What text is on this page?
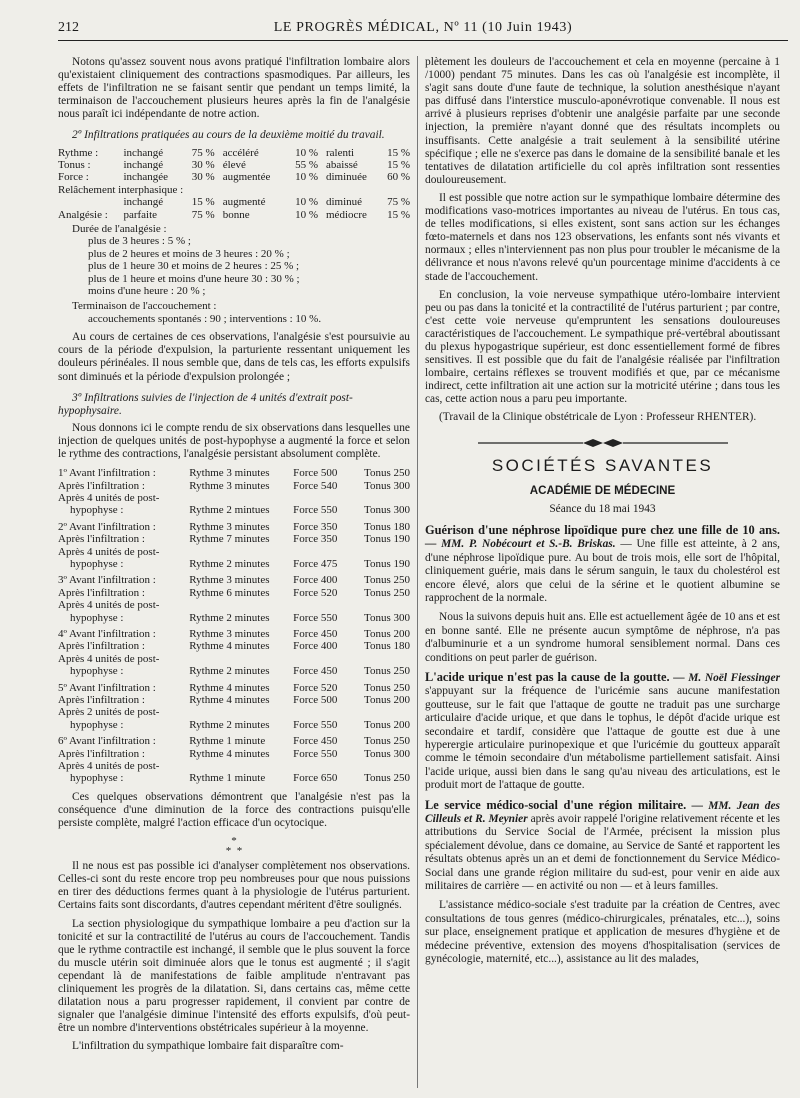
212	LE PROGRÈS MÉDICAL, Nº 11 (10 Juin 1943)

Notons qu'assez souvent nous avons pratiqué l'infiltration lombaire alors qu'existaient cliniquement des contractions spasmodiques. Par ailleurs, les effets de l'infiltration ne se faisant sentir que pendant un temps limité, la terminaison de l'accouchement plusieurs heures après la fin de l'analgésie nous paraît ici indépendante de notre action.

2º Infiltrations pratiquées au cours de la deuxième moitié du travail.
Rythme :	inchangé	75 %	accéléré	10 %	ralenti	15 %
Tonus :	inchangé	30 %	élevé	55 %	abaissé	15 %
Force :	inchangée	30 %	augmentée	10 %	diminuée	60 %
Relâchement interphasique :						
	inchangé	15 %	augmenté	10 %	diminué	75 %
Analgésie :	parfaite	75 %	bonne	10 %	médiocre	15 %
Durée de l'analgésie :
plus de 3 heures : 5 % ;
plus de 2 heures et moins de 3 heures : 20 % ;
plus de 1 heure 30 et moins de 2 heures : 25 % ;
plus de 1 heure et moins d'une heure 30 : 30 % ;
moins d'une heure : 20 % ;
Terminaison de l'accouchement :
accouchements spontanés : 90 ; interventions : 10 %.

Au cours de certaines de ces observations, l'analgésie s'est poursuivie au cours de la période d'expulsion, la parturiente ressentant uniquement les douleurs périnéales. Il nous semble que, dans de tels cas, les efforts expulsifs sont diminués et la période d'expulsion prolongée ;

3º Infiltrations suivies de l'injection de 4 unités d'extrait post-hypophysaire.

Nous donnons ici le compte rendu de six observations dans lesquelles une injection de quelques unités de post-hypophyse a augmenté la force et selon le rythme des contractions, l'analgésie persistant absolument complète.

1º Avant l'infiltration :	Rythme 3 minutes	Force 500	Tonus 250
Après l'infiltration :	Rythme 3 minutes	Force 540	Tonus 300
Après 4 unités de post-			
hypophyse :	Rythme 2 mintues	Force 550	Tonus 300
2º Avant l'infiltration :	Rythme 3 minutes	Force 350	Tonus 180
Après l'infiltration :	Rythme 7 minutes	Force 350	Tonus 190
Après 4 unités de post-			
hypophyse :	Rythme 2 minutes	Force 475	Tonus 190
3º Avant l'infiltration :	Rythme 3 minutes	Force 400	Tonus 250
Après l'infiltration :	Rythme 6 minutes	Force 520	Tonus 250
Après 4 unités de post-			
hypophyse :	Rythme 2 minutes	Force 550	Tonus 300
4º Avant l'infiltration :	Rythme 3 minutes	Force 450	Tonus 200
Après l'infiltration :	Rythme 4 minutes	Force 400	Tonus 180
Après 4 unités de post-			
hypophyse :	Rythme 2 minutes	Force 450	Tonus 250
5º Avant l'infiltration :	Rythme 4 minutes	Force 520	Tonus 250
Après l'infiltration :	Rythme 4 minutes	Force 500	Tonus 200
Après 2 unités de post-			
hypophyse :	Rythme 2 minutes	Force 550	Tonus 200
6º Avant l'infiltration :	Rythme 1 minute	Force 450	Tonus 250
Après l'infiltration :	Rythme 4 minutes	Force 550	Tonus 300
Après 4 unités de post-			
hypophyse :	Rythme 1 minute	Force 650	Tonus 250

Ces quelques observations démontrent que l'analgésie n'est pas la conséquence d'une diminution de la force des contractions puisqu'elle persiste complète, malgré l'action efficace d'un ocytocique.

*
*  *

Il ne nous est pas possible ici d'analyser complètement nos observations. Celles-ci sont du reste encore trop peu nombreuses pour que nous puissions en tirer des déductions fermes quant à la physiologie de l'utérus parturient. Certains faits sont discordants, d'autres cependant méritent d'être soulignés.

La section physiologique du sympathique lombaire a peu d'action sur la tonicité et sur la contractilité de l'utérus au cours de l'accouchement. Tandis que le rythme contractile est inchangé, il semble que le plus souvent la force du muscle utérin soit diminuée alors que le tonus est augmenté ; il s'agit cependant là de manifestations de faible amplitude n'entravant pas cliniquement les progrès de la dilatation. Si, dans certains cas, même cette dilatation nous a paru progresser rapidement, il convient par contre de signaler que l'analgésie diminue l'intensité des efforts expulsifs, d'où peut-être un nombre d'interventions obstétricales supérieur à la moyenne.

L'infiltration du sympathique lombaire fait disparaître com-

plètement les douleurs de l'accouchement et cela en moyenne (percaine à 1 /1000) pendant 75 minutes. Dans les cas où l'analgésie est incomplète, il s'agit sans doute d'une faute de technique, la solution anesthésique n'ayant pas diffusé dans l'interstice musculo-aponévrotique convenable. Il nous est arrivé à plusieurs reprises d'obtenir une analgésie parfaite par une seconde injection, la première n'ayant donné que des résultats incomplets ou insuffisants. Cette analgésie a trait seulement à la sensibilité utérine spécifique ; elle ne s'exerce pas dans le domaine de la sensibilité banale et les tentatives de dilatation artificielle du col après infiltration sont ressenties douloureusement.

Il est possible que notre action sur le sympathique lombaire détermine des modifications vaso-motrices importantes au niveau de l'utérus. En tous cas, de telles modifications, si elles existent, sont sans action sur les échanges fœto-maternels et dans nos 123 observations, les enfants sont nés vivants et normaux ; elles n'interviennent pas non plus pour troubler le mécanisme de la délivrance et nous n'avons relevé qu'un pourcentage minime d'accidents à ce stade de l'accouchement.

En conclusion, la voie nerveuse sympathique utéro-lombaire intervient peu ou pas dans la tonicité et la contractilité de l'utérus parturient ; par contre, c'est cette voie nerveuse qu'empruntent les sensations douloureuses caractéristiques de l'accouchement. Le sympathique pré-vertébral aboutissant du plexus hypogastrique supérieur, est donc essentiellement formé de fibres sensitives. Il est possible que du fait de l'analgésie réalisée par l'infiltration lombaire, certains réflexes se trouvent modifiés et que, par ce mécanisme indirect, cette infiltration ait une action sur la motricité utérine ; dans tous les cas, cette action nous a paru peu importante.

(Travail de la Clinique obstétricale de Lyon : Professeur RHENTER).

SOCIÉTÉS SAVANTES
ACADÉMIE DE MÉDECINE
Séance du 18 mai 1943

Guérison d'une néphrose lipoïdique pure chez une fille de 10 ans. — MM. P. Nobécourt et S.-B. Briskas. — Une fille est atteinte, à 2 ans, d'une néphrose lipoïdique pure. Au bout de trois mois, elle sort de l'hôpital, cliniquement guérie, mais dans le sérum sanguin, le taux du cholestérol est encore élevé, alors que celui de la sérine et le quotient albumine se rapprochent de la normale.

Nous la suivons depuis huit ans. Elle est actuellement âgée de 10 ans et est en bonne santé. Elle ne présente aucun symptôme de néphrose, n'a pas d'albuminurie et a un syndrome humoral sensiblement normal. Dans ces conditions on peut parler de guérison.

L'acide urique n'est pas la cause de la goutte. — M. Noël Fiessinger s'appuyant sur la fréquence de l'uricémie sans aucune manifestation goutteuse, sur le fait que l'attaque de goutte ne traduit pas une surcharge articulaire d'acide urique, et que dans le tophus, le dépôt d'acide urique est secondaire et tardif, considère que l'attaque de goutte est due à une hyperergie articulaire purinopexique et que l'uricémie du goutteux apparaît comme le témoin secondaire d'un métabolisme partiellement satisfait. Ainsi l'acide urique, aussi bien dans le sang qu'au niveau des articulations, est le produit mort de l'attaque de goutte.

Le service médico-social d'une région militaire. — MM. Jean des Cilleuls et R. Meynier après avoir rappelé l'origine relativement récente et les attributions du Service Social de l'Armée, précisent la mission plus spécialement dévolue, dans ce domaine, au Service de Santé et rapportent les résultats obtenus après un an et demi de fonctionnement du Service Médico-Social dans une grande région militaire du sud-est, pour venir en aide aux militaires de carrière — en activité ou non — et à leurs familles.

L'assistance médico-sociale s'est traduite par la création de Centres, avec consultations de tous genres (médico-chirurgicales, prénatales, etc...), soins sur place, enseignement pratique et application de mesures d'hygiène et de médecine préventive, extension des moyens d'hospitalisation (services de gynécologie, maternité, etc...), assistance au lit des malades,
